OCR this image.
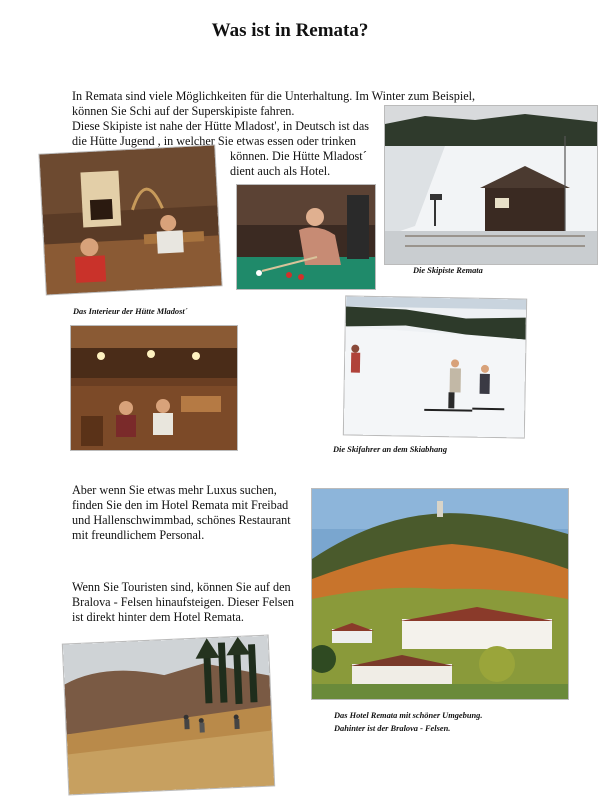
Was ist in Remata?
In Remata sind viele Möglichkeiten für die Unterhaltung. Im Winter zum Beispiel,
können Sie Schi auf der Superskipiste fahren.
Diese Skipiste ist nahe der Hütte Mladost', in Deutsch ist das
die Hütte Jugend , in welcher Sie etwas essen oder trinken
können. Die Hütte Mladost´
dient auch als Hotel.
Die Skipiste Remata
Das Interieur der Hütte Mladost´
Die Skifahrer an dem Skiabhang
Aber wenn Sie etwas mehr Luxus suchen,
finden Sie den im Hotel Remata mit Freibad
und Hallenschwimmbad, schönes Restaurant
mit freundlichem Personal.
Wenn Sie Touristen sind, können Sie auf den
Bralova - Felsen hinaufsteigen. Dieser Felsen
ist direkt hinter dem Hotel Remata.
Das Hotel Remata mit schöner Umgebung.
Dahinter ist der Bralova - Felsen.
